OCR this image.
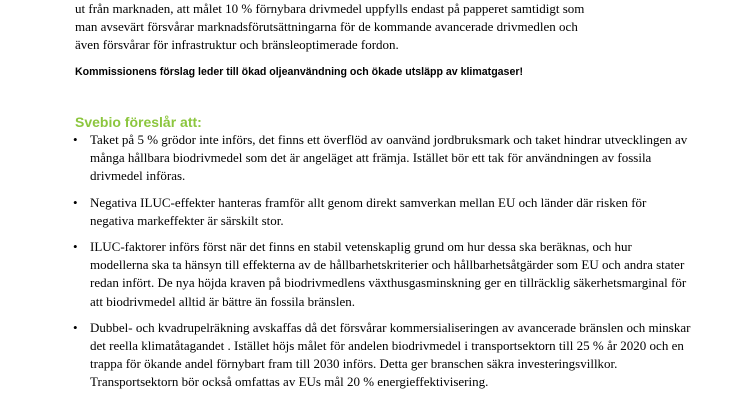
ut från marknaden, att målet 10 % förnybara drivmedel uppfylls endast på papperet samtidigt som
man avsevärt försvårar marknadsförutsättningarna för de kommande avancerade drivmedlen och
även försvårar för infrastruktur och bränsleoptimerade fordon.

Kommissionens förslag leder till ökad oljeanvändning och ökade utsläpp av klimatgaser!

Svebio föreslår att:
• Taket på 5 % grödor inte införs, det finns ett överflöd av oanvänd jordbruksmark och taket hindrar utvecklingen av många hållbara biodrivmedel som det är angeläget att främja. Istället bör ett tak för användningen av fossila drivmedel införas.
• Negativa ILUC-effekter hanteras framför allt genom direkt samverkan mellan EU och länder där risken för negativa markeffekter är särskilt stor.
• ILUC-faktorer införs först när det finns en stabil vetenskaplig grund om hur dessa ska beräknas, och hur modellerna ska ta hänsyn till effekterna av de hållbarhetskriterier och hållbarhetsåtgärder som EU och andra stater redan infört. De nya höjda kraven på biodrivmedlens växthusgasminskning ger en tillräcklig säkerhetsmarginal för att biodrivmedel alltid är bättre än fossila bränslen.
• Dubbel- och kvadrupelräkning avskaffas då det försvårar kommersialiseringen av avancerade bränslen och minskar det reella klimatåtagandet . Istället höjs målet för andelen biodrivmedel i transportsektorn till 25 % år 2020 och en trappa för ökande andel förnybart fram till 2030 införs. Detta ger branschen säkra investeringsvillkor. Transportsektorn bör också omfattas av EUs mål 20 % energieffektivisering.
